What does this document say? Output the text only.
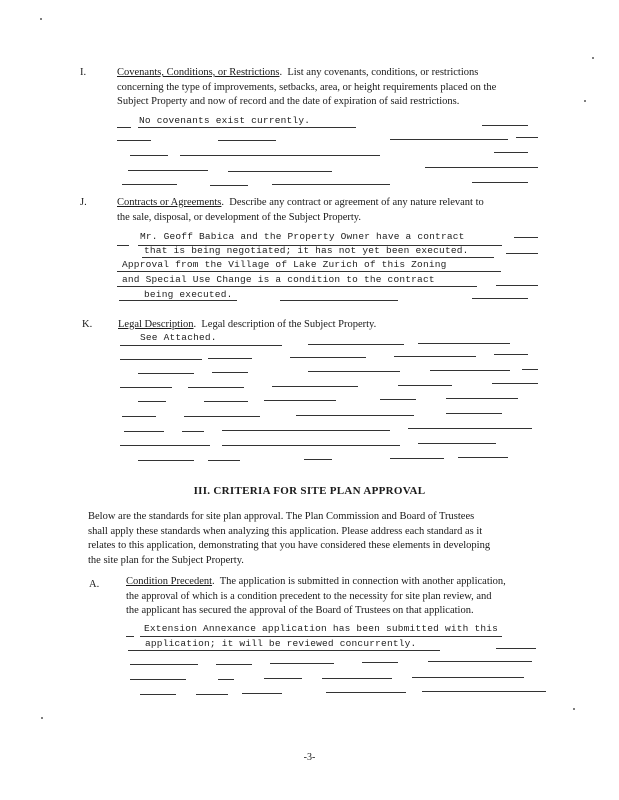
I.	Covenants, Conditions, or Restrictions.  List any covenants, conditions, or restrictions
concerning the type of improvements, setbacks, area, or height requirements placed on the
Subject Property and now of record and the date of expiration of said restrictions.
No covenants exist currently.
J.	Contracts or Agreements.  Describe any contract or agreement of any nature relevant to
the sale, disposal, or development of the Subject Property.
Mr. Geoff Babica and the Property Owner have a contract
that is being negotiated; it has not yet been executed.
Approval from the Village of Lake Zurich of this Zoning
and Special Use Change is a condition to the contract
being executed.
K. Legal Description.  Legal description of the Subject Property.
See Attached.
III. CRITERIA FOR SITE PLAN APPROVAL
Below are the standards for site plan approval. The Plan Commission and Board of Trustees
shall apply these standards when analyzing this application. Please address each standard as it
relates to this application, demonstrating that you have considered these elements in developing
the site plan for the Subject Property.
A.	Condition Precedent.  The application is submitted in connection with another application,
the approval of which is a condition precedent to the necessity for site plan review, and
the applicant has secured the approval of the Board of Trustees on that application.
Extension Annexance application has been submitted with this
application; it will be reviewed concurrently.
-3-
